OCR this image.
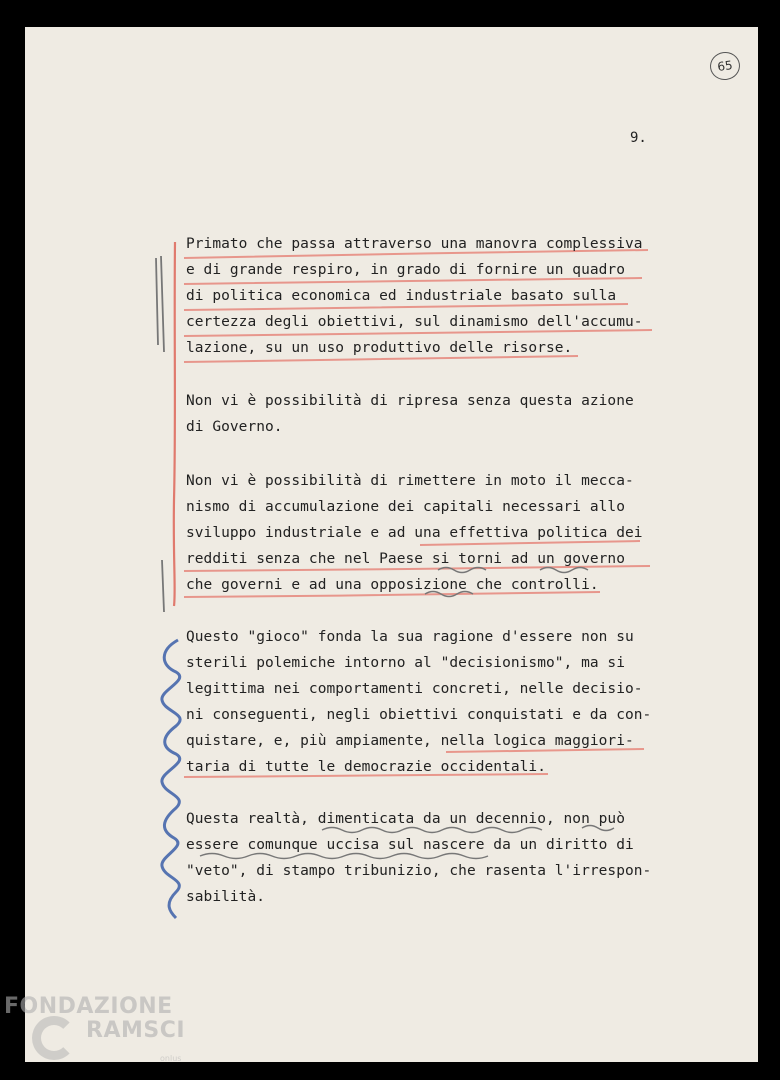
65
9.
Primato che passa attraverso una manovra complessiva
e di grande respiro, in grado di fornire un quadro
di politica economica ed industriale basato sulla
certezza degli obiettivi, sul dinamismo dell'accumu-
lazione, su un uso produttivo delle risorse.
Non vi è possibilità di ripresa senza questa azione
di Governo.
Non vi è possibilità di rimettere in moto il mecca-
nismo di accumulazione dei capitali necessari allo
sviluppo industriale e ad una effettiva politica dei
redditi senza che nel Paese si torni ad un governo
che governi e ad una opposizione che controlli.
Questo "gioco" fonda la sua ragione d'essere non su
sterili polemiche intorno al "decisionismo", ma si
legittima nei comportamenti concreti, nelle decisio-
ni conseguenti, negli obiettivi conquistati e da con-
quistare, e, più ampiamente, nella logica maggiori-
taria di tutte le democrazie occidentali.
Questa realtà, dimenticata da un decennio, non può
essere comunque uccisa sul nascere da un diritto di
"veto", di stampo tribunizio, che rasenta l'irrespon-
sabilità.
FONDAZIONE
RAMSCI
onlus
